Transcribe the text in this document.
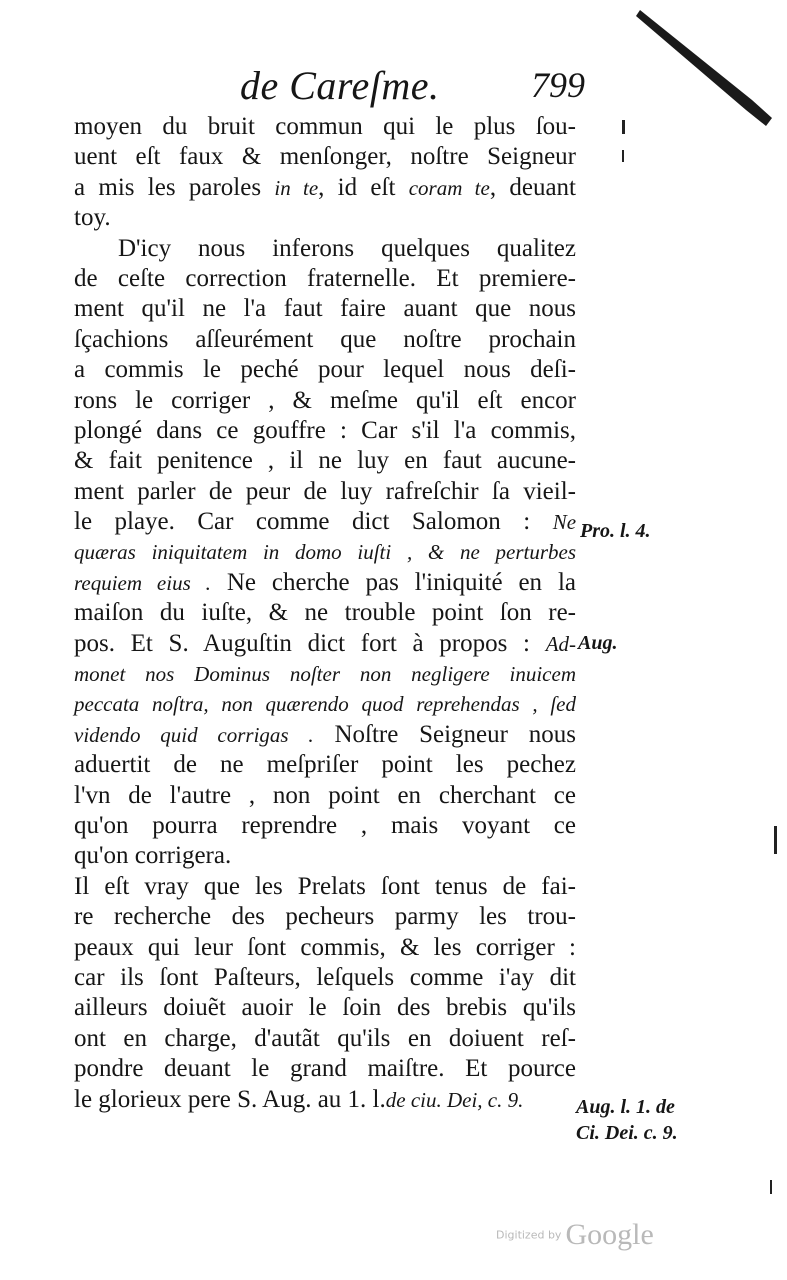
de Careſme.	799
moyen du bruit commun qui le plus ſou-
uent eſt faux & menſonger, noſtre Seigneur
a mis les paroles in te, id eſt coram te, deuant
toy.
D'icy nous inferons quelques qualitez
de ceſte correction fraternelle. Et premiere-
ment qu'il ne l'a faut faire auant que nous
ſçachions aſſeurément que noſtre prochain
a commis le peché pour lequel nous deſi-
rons le corriger , & meſme qu'il eſt encor
plongé dans ce gouffre : Car s'il l'a commis,
& fait penitence , il ne luy en faut aucune-
ment parler de peur de luy rafreſchir ſa vieil-
le playe. Car comme dict Salomon : Ne
quæras iniquitatem in domo iuſti , & ne perturbes
requiem eius . Ne cherche pas l'iniquité en la
maiſon du iuſte, & ne trouble point ſon re-
pos. Et S. Auguſtin dict fort à propos : Ad-
monet nos Dominus noſter non negligere inuicem
peccata noſtra, non quærendo quod reprehendas , ſed
videndo quid corrigas . Noſtre Seigneur nous
aduertit de ne meſpriſer point les pechez
l'vn de l'autre , non point en cherchant ce
qu'on pourra reprendre , mais voyant ce
qu'on corrigera.
Il eſt vray que les Prelats ſont tenus de fai-
re recherche des pecheurs parmy les trou-
peaux qui leur ſont commis, & les corriger :
car ils ſont Paſteurs, leſquels comme i'ay dit
ailleurs doiuẽt auoir le ſoin des brebis qu'ils
ont en charge, d'autãt qu'ils en doiuent reſ-
pondre deuant le grand maiſtre. Et pource
le glorieux pere S. Aug. au 1. l.de ciu. Dei, c. 9.
Pro. l. 4.
Aug.
Aug. l. 1. de
Ci. Dei. c. 9.
Digitized by Google
